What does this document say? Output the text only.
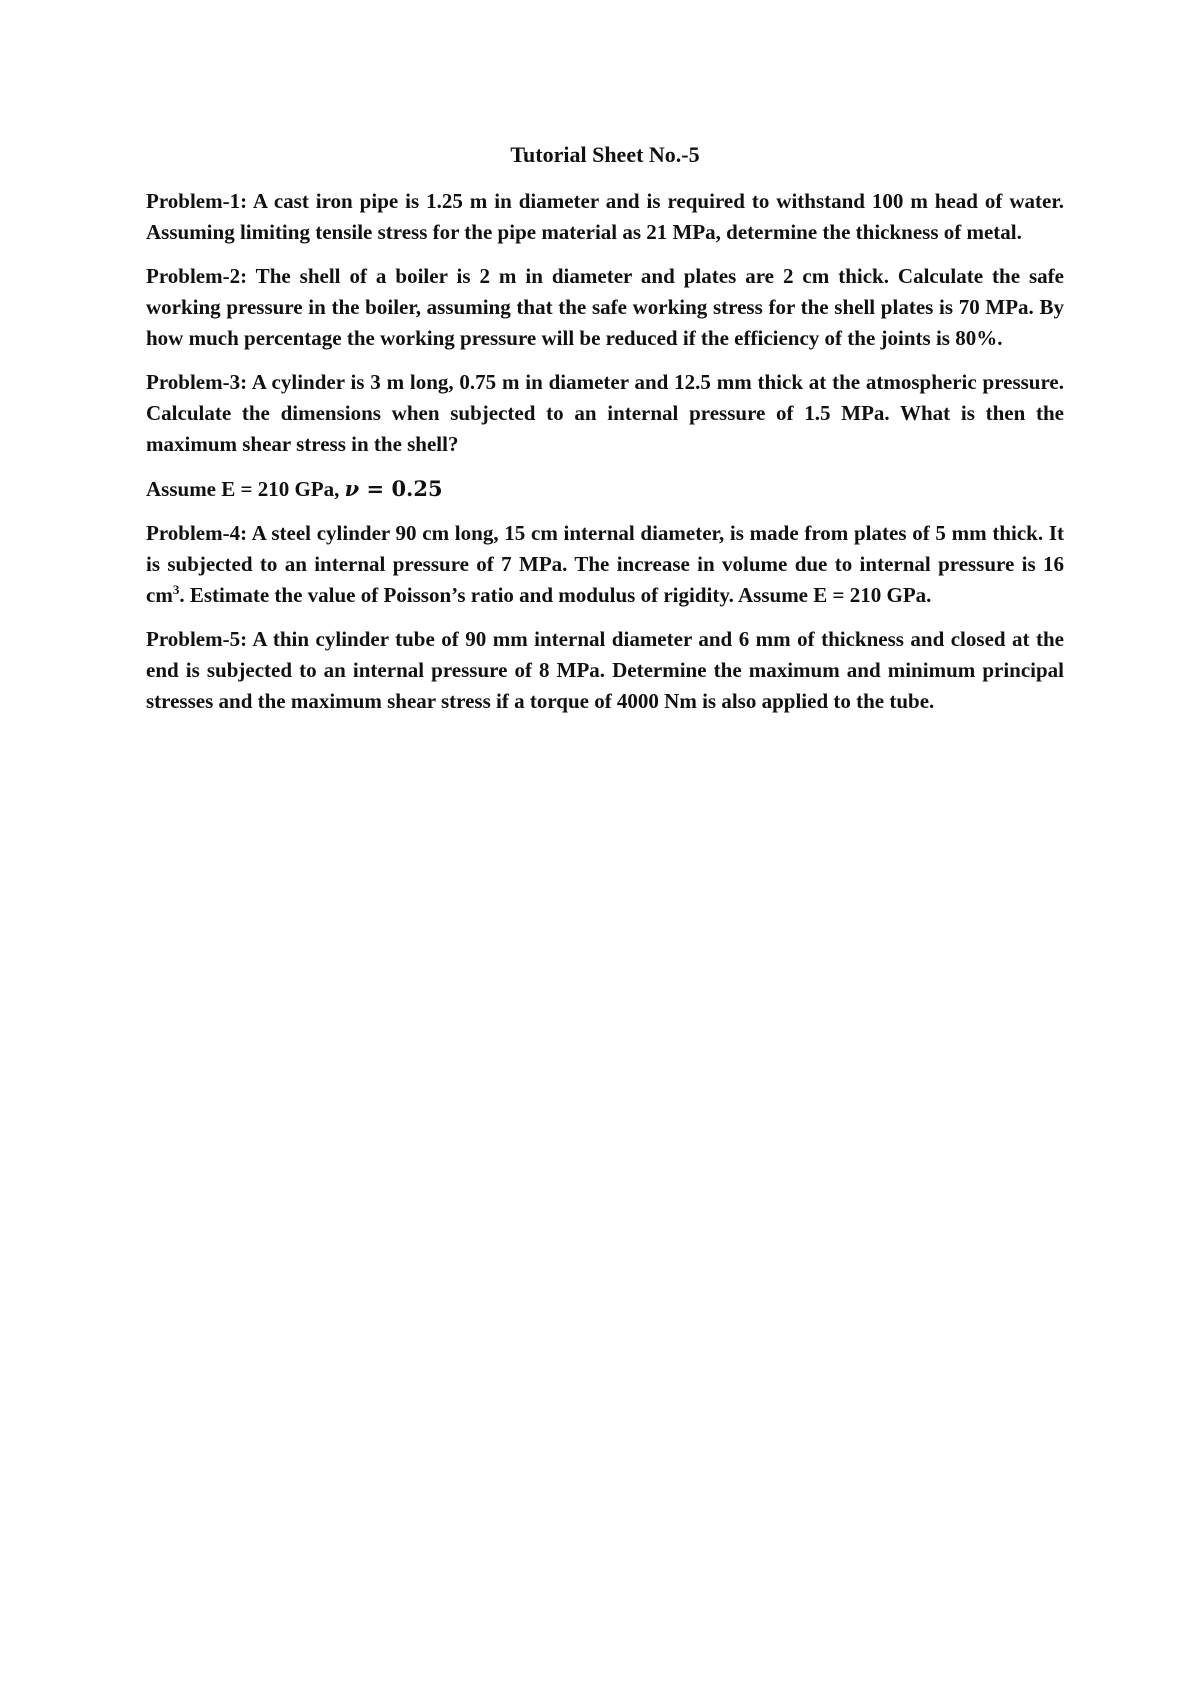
Tutorial Sheet No.-5

Problem-1: A cast iron pipe is 1.25 m in diameter and is required to withstand 100 m head of water. Assuming limiting tensile stress for the pipe material as 21 MPa, determine the thickness of metal.

Problem-2: The shell of a boiler is 2 m in diameter and plates are 2 cm thick. Calculate the safe working pressure in the boiler, assuming that the safe working stress for the shell plates is 70 MPa. By how much percentage the working pressure will be reduced if the efficiency of the joints is 80%.

Problem-3: A cylinder is 3 m long, 0.75 m in diameter and 12.5 mm thick at the atmospheric pressure. Calculate the dimensions when subjected to an internal pressure of 1.5 MPa. What is then the maximum shear stress in the shell?

Assume E = 210 GPa, ν = 0.25

Problem-4: A steel cylinder 90 cm long, 15 cm internal diameter, is made from plates of 5 mm thick. It is subjected to an internal pressure of 7 MPa. The increase in volume due to internal pressure is 16 $cm^3$. Estimate the value of Poisson’s ratio and modulus of rigidity. Assume E = 210 GPa.

Problem-5: A thin cylinder tube of 90 mm internal diameter and 6 mm of thickness and closed at the end is subjected to an internal pressure of 8 MPa. Determine the maximum and minimum principal stresses and the maximum shear stress if a torque of 4000 Nm is also applied to the tube.
